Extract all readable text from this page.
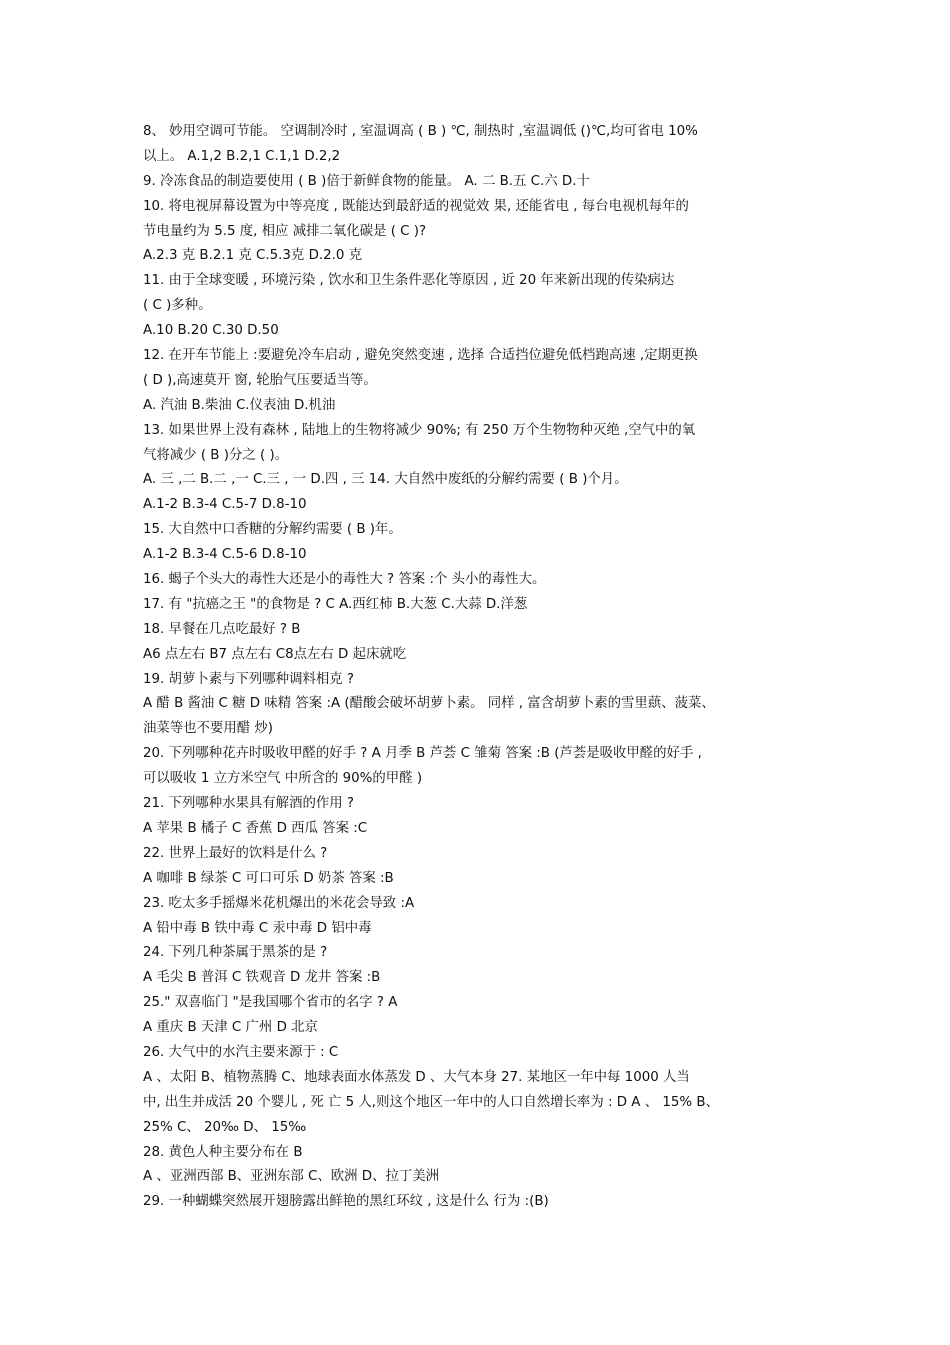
8、 妙用空调可节能。 空调制冷时 , 室温调高 ( B ) ℃, 制热时 ,室温调低 ()℃,均可省电 10%
以上。 A.1,2 B.2,1 C.1,1 D.2,2
9. 冷冻食品的制造要使用 ( B )倍于新鲜食物的能量。 A. 二 B.五 C.六 D.十
10. 将电视屏幕设置为中等亮度 , 既能达到最舒适的视觉效 果, 还能省电 , 每台电视机每年的
节电量约为 5.5 度, 相应 减排二氧化碳是 ( C )?
A.2.3 克 B.2.1 克 C.5.3克 D.2.0 克
11. 由于全球变暖 , 环境污染 , 饮水和卫生条件恶化等原因 , 近 20 年来新出现的传染病达
( C )多种。
A.10 B.20 C.30 D.50
12. 在开车节能上 :要避免冷车启动 , 避免突然变速 , 选择 合适挡位避免低档跑高速 ,定期更换
( D ),高速莫开 窗, 轮胎气压要适当等。
A. 汽油 B.柴油 C.仪表油 D.机油
13. 如果世界上没有森林 , 陆地上的生物将减少 90%; 有 250 万个生物物种灭绝 ,空气中的氧
气将减少 ( B )分之 ( )。
A. 三 ,二 B.二 ,一 C.三 , 一 D.四 , 三 14. 大自然中废纸的分解约需要 ( B )个月。
A.1-2 B.3-4 C.5-7 D.8-10
15. 大自然中口香糖的分解约需要 ( B )年。
A.1-2 B.3-4 C.5-6 D.8-10
16. 蝎子个头大的毒性大还是小的毒性大 ? 答案 :个 头小的毒性大。
17. 有 "抗癌之王 "的食物是 ? C A.西红柿 B.大葱 C.大蒜 D.洋葱
18. 早餐在几点吃最好 ? B
A6 点左右 B7 点左右 C8点左右 D 起床就吃
19. 胡萝卜素与下列哪种调料相克 ?
A 醋 B 酱油 C 糖 D 味精 答案 :A (醋酸会破坏胡萝卜素。 同样 , 富含胡萝卜素的雪里蕻、菠菜、
油菜等也不要用醋 炒)
20. 下列哪种花卉时吸收甲醛的好手 ? A 月季 B 芦荟 C 雏菊 答案 :B (芦荟是吸收甲醛的好手 ,
可以吸收 1 立方米空气 中所含的 90%的甲醛 )
21. 下列哪种水果具有解酒的作用 ?
A 苹果 B 橘子 C 香蕉 D 西瓜 答案 :C
22. 世界上最好的饮料是什么 ?
A 咖啡 B 绿茶 C 可口可乐 D 奶茶 答案 :B
23. 吃太多手摇爆米花机爆出的米花会导致 :A
A 铅中毒 B 铁中毒 C 汞中毒 D 铝中毒
24. 下列几种茶属于黑茶的是 ?
A 毛尖 B 普洱 C 铁观音 D 龙井 答案 :B
25." 双喜临门 "是我国哪个省市的名字 ? A
A 重庆 B 天津 C 广州 D 北京
26. 大气中的水汽主要来源于 : C
A 、太阳 B、植物蒸腾 C、地球表面水体蒸发 D 、大气本身 27. 某地区一年中每 1000 人当
中, 出生并成活 20 个婴儿 , 死 亡 5 人,则这个地区一年中的人口自然增长率为 : D A 、 15% B、
25% C、 20‰ D、 15‰
28. 黄色人种主要分布在 B
A 、亚洲西部 B、亚洲东部 C、欧洲 D、拉丁美洲
29. 一种蝴蝶突然展开翅膀露出鲜艳的黑红环纹 , 这是什么 行为 :(B)
